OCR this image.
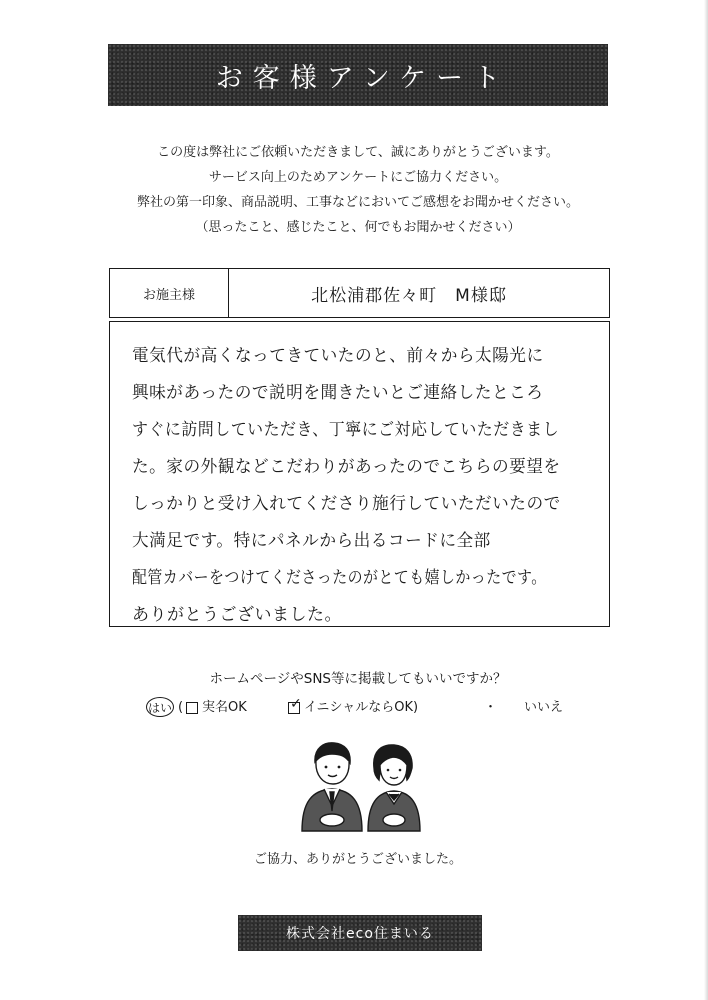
お客様アンケート
この度は弊社にご依頼いただきまして、誠にありがとうございます。
サービス向上のためアンケートにご協力ください。
弊社の第一印象、商品説明、工事などにおいてご感想をお聞かせください。
（思ったこと、感じたこと、何でもお聞かせください）
お施主様	北松浦郡佐々町　M様邸
電気代が高くなってきていたのと、前々から太陽光に
興味があったので説明を聞きたいとご連絡したところ
すぐに訪問していただき、丁寧にご対応していただきまし
た。家の外観などこだわりがあったのでこちらの要望を
しっかりと受け入れてくださり施行していただいたので
大満足です。特にパネルから出るコードに全部
配管カバーをつけてくださったのがとても嬉しかったです。
ありがとうございました。
ホームページやSNS等に掲載してもいいですか？
はい ( 実名OK	✓ イニシャルならOK)	・ いいえ
ご協力、ありがとうございました。
株式会社eco住まいる
